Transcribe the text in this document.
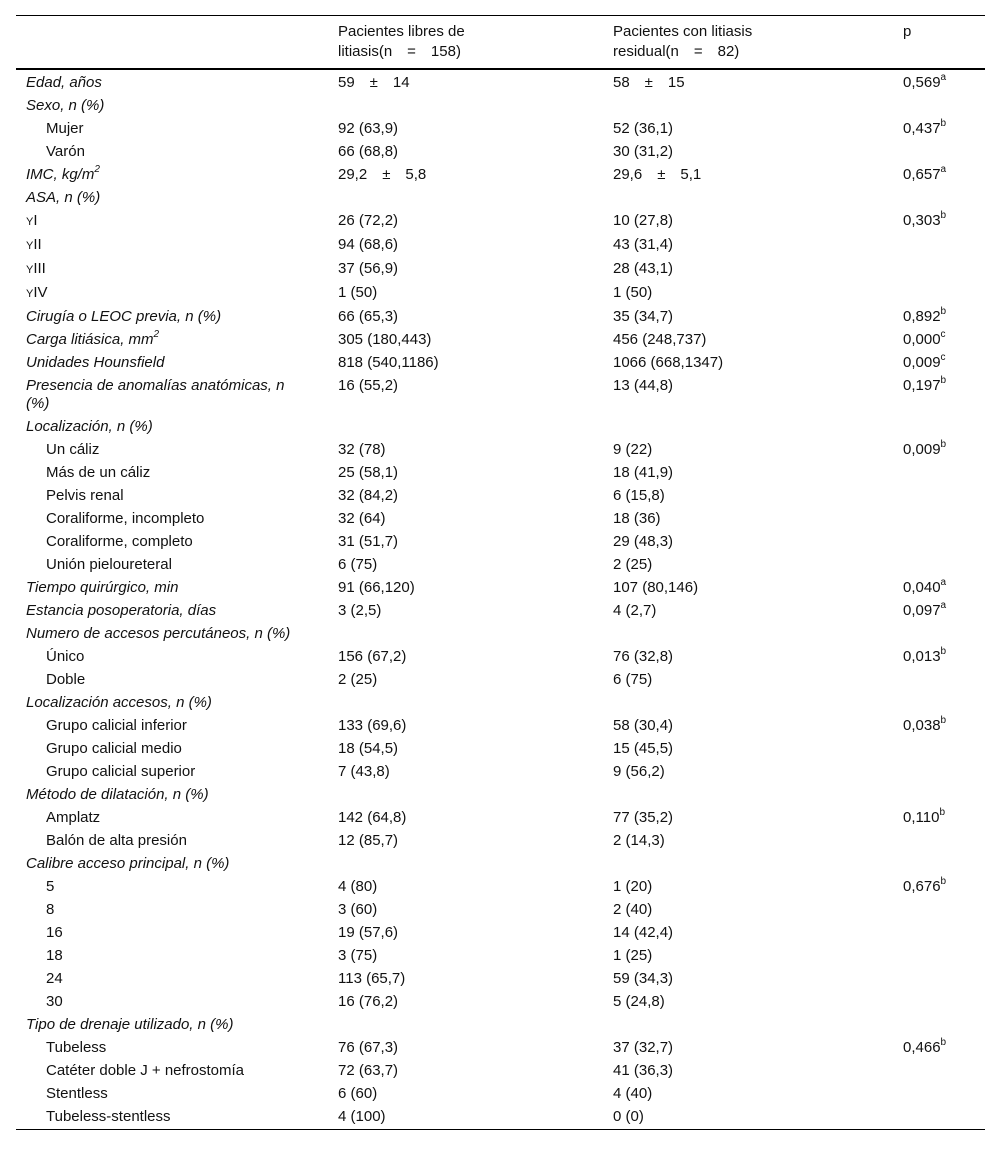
	Pacientes libres de
litiasis(n = 158)	Pacientes con litiasis
residual(n = 82)	p
Edad, años	59 ± 14	58 ± 15	0,569$^a$
Sexo, n (%)			
Mujer	92 (63,9)	52 (36,1)	0,437$^b$
Varón	66 (68,8)	30 (31,2)	
IMC, $kg/m^2$	29,2 ± 5,8	29,6 ± 5,1	0,657$^a$
ASA, n (%)			
YI	26 (72,2)	10 (27,8)	0,303$^b$
YII	94 (68,6)	43 (31,4)	
YIII	37 (56,9)	28 (43,1)	
YIV	1 (50)	1 (50)	
Cirugía o LEOC previa, n (%)	66 (65,3)	35 (34,7)	0,892$^b$
Carga litiásica, $mm^2$	305 (180,443)	456 (248,737)	0,000$^c$
Unidades Hounsfield	818 (540,1186)	1066 (668,1347)	0,009$^c$
Presencia de anomalías anatómicas, n (%)	16 (55,2)	13 (44,8)	0,197$^b$
Localización, n (%)			
Un cáliz	32 (78)	9 (22)	0,009$^b$
Más de un cáliz	25 (58,1)	18 (41,9)	
Pelvis renal	32 (84,2)	6 (15,8)	
Coraliforme, incompleto	32 (64)	18 (36)	
Coraliforme, completo	31 (51,7)	29 (48,3)	
Unión pieloureteral	6 (75)	2 (25)	
Tiempo quirúrgico, min	91 (66,120)	107 (80,146)	0,040$^a$
Estancia posoperatoria, días	3 (2,5)	4 (2,7)	0,097$^a$
Numero de accesos percutáneos, n (%)			
Único	156 (67,2)	76 (32,8)	0,013$^b$
Doble	2 (25)	6 (75)	
Localización accesos, n (%)			
Grupo calicial inferior	133 (69,6)	58 (30,4)	0,038$^b$
Grupo calicial medio	18 (54,5)	15 (45,5)	
Grupo calicial superior	7 (43,8)	9 (56,2)	
Método de dilatación, n (%)			
Amplatz	142 (64,8)	77 (35,2)	0,110$^b$
Balón de alta presión	12 (85,7)	2 (14,3)	
Calibre acceso principal, n (%)			
5	4 (80)	1 (20)	0,676$^b$
8	3 (60)	2 (40)	
16	19 (57,6)	14 (42,4)	
18	3 (75)	1 (25)	
24	113 (65,7)	59 (34,3)	
30	16 (76,2)	5 (24,8)	
Tipo de drenaje utilizado, n (%)			
Tubeless	76 (67,3)	37 (32,7)	0,466$^b$
Catéter doble J + nefrostomía	72 (63,7)	41 (36,3)	
Stentless	6 (60)	4 (40)	
Tubeless-stentless	4 (100)	0 (0)	
